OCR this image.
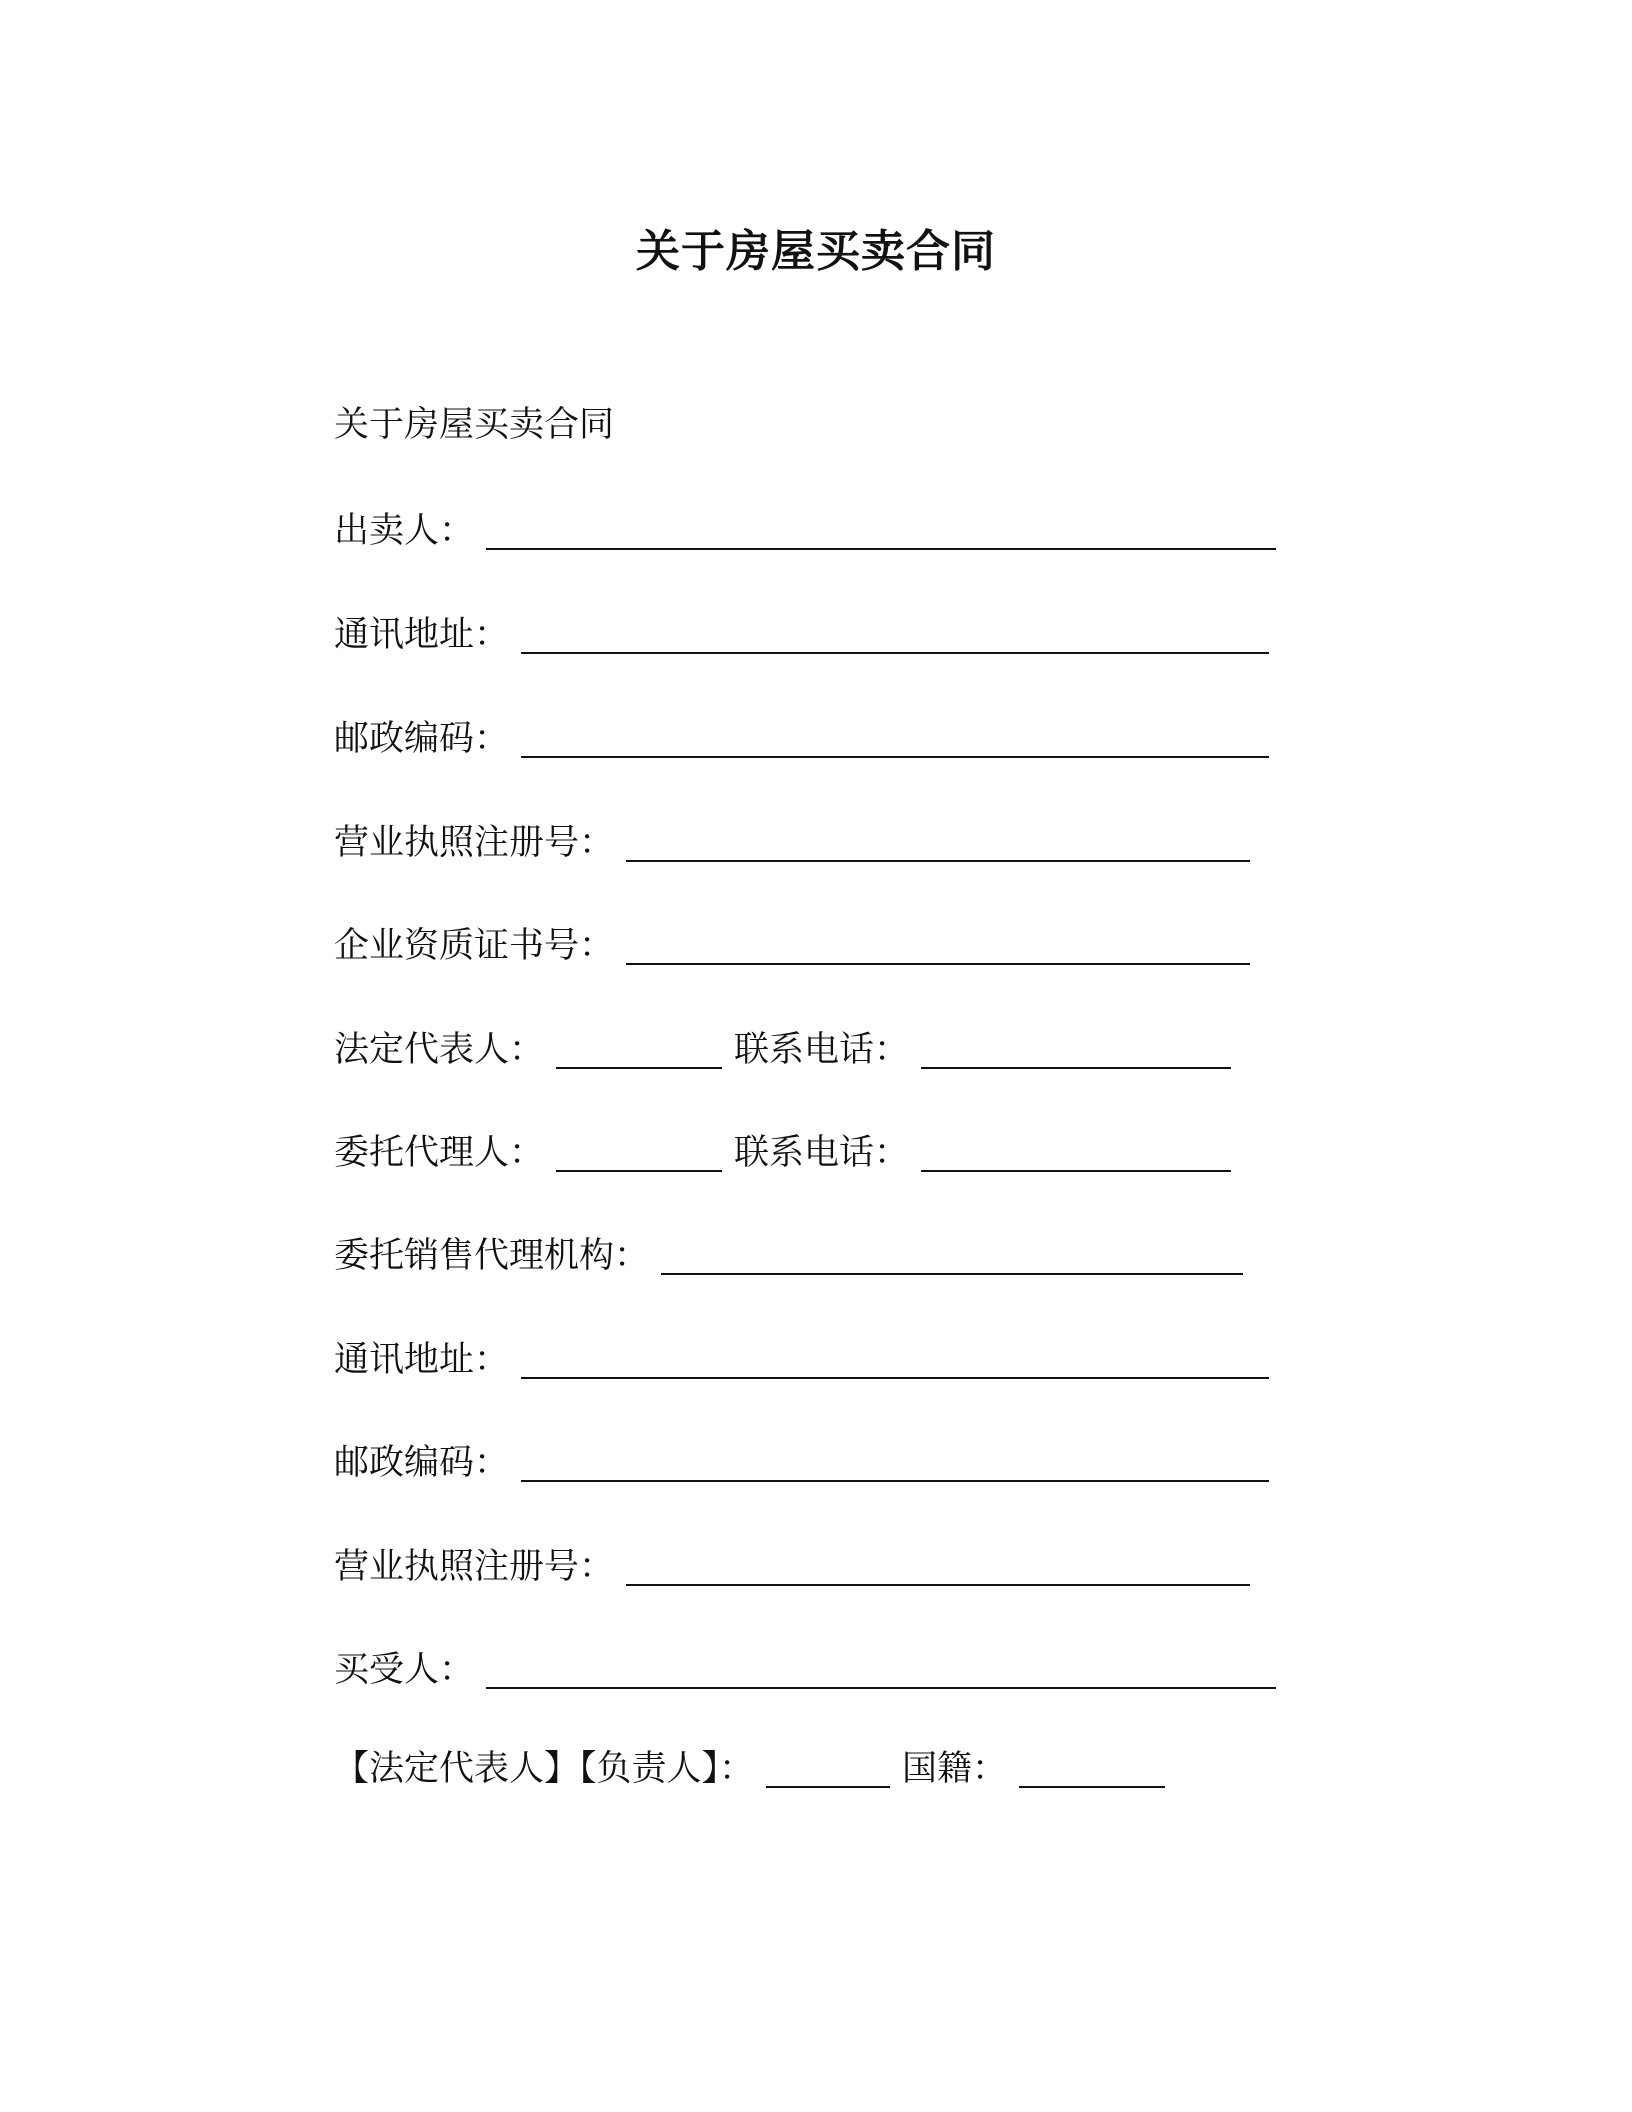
关于房屋买卖合同
关于房屋买卖合同
出卖人：
通讯地址：
邮政编码：
营业执照注册号：
企业资质证书号：
法定代表人：	联系电话：
委托代理人：	联系电话：
委托销售代理机构：
通讯地址：
邮政编码：
营业执照注册号：
买受人：
【法定代表人】【负责人】：	国籍：
